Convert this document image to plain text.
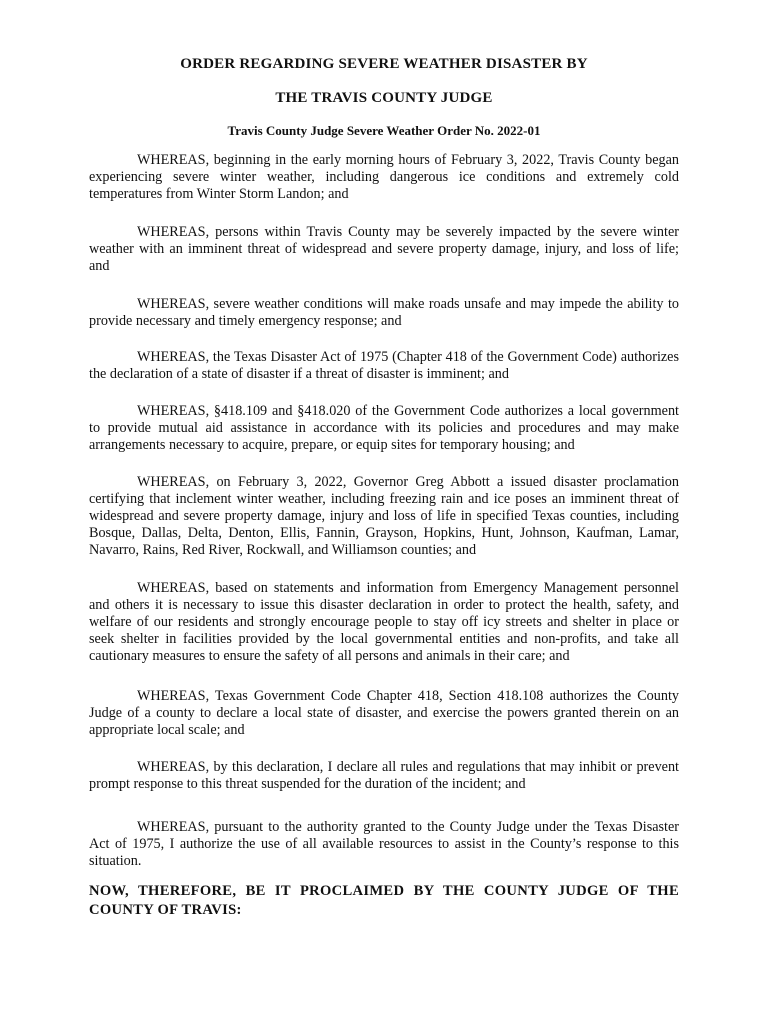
ORDER REGARDING SEVERE WEATHER DISASTER BY
THE TRAVIS COUNTY JUDGE
Travis County Judge Severe Weather Order No. 2022-01

WHEREAS, beginning in the early morning hours of February 3, 2022, Travis County began experiencing severe winter weather, including dangerous ice conditions and extremely cold temperatures from Winter Storm Landon; and

WHEREAS, persons within Travis County may be severely impacted by the severe winter weather with an imminent threat of widespread and severe property damage, injury, and loss of life; and

WHEREAS, severe weather conditions will make roads unsafe and may impede the ability to provide necessary and timely emergency response; and

WHEREAS, the Texas Disaster Act of 1975 (Chapter 418 of the Government Code) authorizes the declaration of a state of disaster if a threat of disaster is imminent; and

WHEREAS, §418.109 and §418.020 of the Government Code authorizes a local government to provide mutual aid assistance in accordance with its policies and procedures and may make arrangements necessary to acquire, prepare, or equip sites for temporary housing; and

WHEREAS, on February 3, 2022, Governor Greg Abbott a issued disaster proclamation certifying that inclement winter weather, including freezing rain and ice poses an imminent threat of widespread and severe property damage, injury and loss of life in specified Texas counties, including Bosque, Dallas, Delta, Denton, Ellis, Fannin, Grayson, Hopkins, Hunt, Johnson, Kaufman, Lamar, Navarro, Rains, Red River, Rockwall, and Williamson counties; and

WHEREAS, based on statements and information from Emergency Management personnel and others it is necessary to issue this disaster declaration in order to protect the health, safety, and welfare of our residents and strongly encourage people to stay off icy streets and shelter in place or seek shelter in facilities provided by the local governmental entities and non-profits, and take all cautionary measures to ensure the safety of all persons and animals in their care; and

WHEREAS, Texas Government Code Chapter 418, Section 418.108 authorizes the County Judge of a county to declare a local state of disaster, and exercise the powers granted therein on an appropriate local scale; and

WHEREAS, by this declaration, I declare all rules and regulations that may inhibit or prevent prompt response to this threat suspended for the duration of the incident; and

WHEREAS, pursuant to the authority granted to the County Judge under the Texas Disaster Act of 1975, I authorize the use of all available resources to assist in the County’s response to this situation.

NOW, THEREFORE, BE IT PROCLAIMED BY THE COUNTY JUDGE OF THE COUNTY OF TRAVIS:
